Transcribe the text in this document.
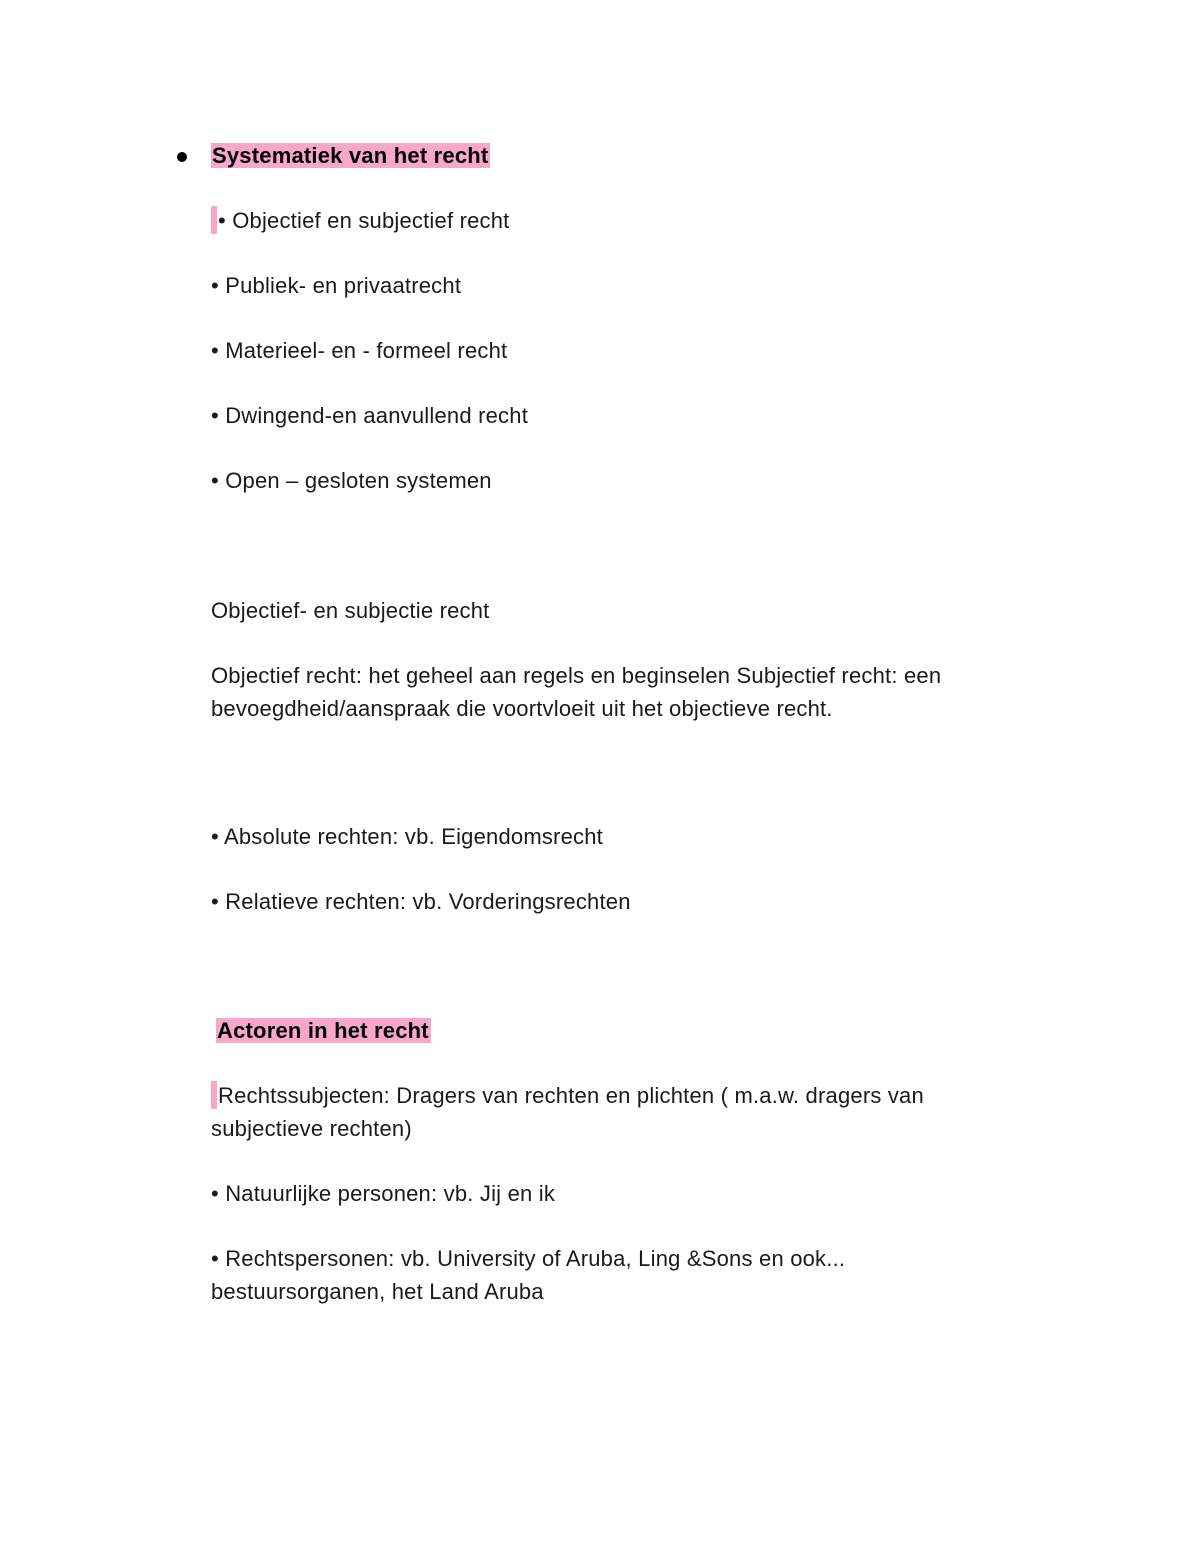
Systematiek van het recht
• Objectief en subjectief recht
• Publiek- en privaatrecht
• Materieel- en - formeel recht
• Dwingend-en aanvullend recht
• Open – gesloten systemen
Objectief- en subjectie recht
Objectief recht: het geheel aan regels en beginselen Subjectief recht: een bevoegdheid/aanspraak die voortvloeit uit het objectieve recht.
• Absolute rechten: vb. Eigendomsrecht
• Relatieve rechten: vb. Vorderingsrechten
Actoren in het recht
Rechtssubjecten: Dragers van rechten en plichten ( m.a.w. dragers van subjectieve rechten)
• Natuurlijke personen: vb. Jij en ik
• Rechtspersonen: vb. University of Aruba, Ling &Sons en ook... bestuursorganen, het Land Aruba
